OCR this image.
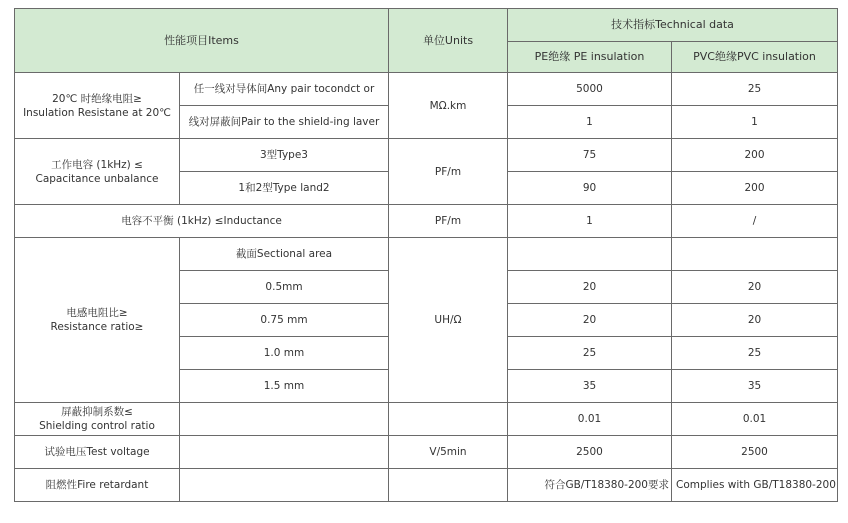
性能项目Items		单位Units	技术指标Technical data	
			PE绝缘 PE insulation	PVC绝缘PVC insulation

20℃ 时绝缘电阻≥
Insulation Resistane at 20℃	任一线对导体间Any pair tocondct or	MΩ.km	5000	25
	线对屏蔽间Pair to the shield-ing laver		1	1

工作电容 (1kHz) ≤
Capacitance unbalance	3型Type3	PF/m	75	200
	1和2型Type land2		90	200
电容不平衡 (1kHz) ≤Inductance		PF/m	1	/

电感电阻比≥
Resistance ratio≥	截面Sectional area	UH/Ω		
	0.5mm		20	20
	0.75 mm		20	20
	1.0 mm		25	25
	1.5 mm		35	35

屏蔽抑制系数≤
Shielding control ratio			0.01	0.01
试验电压Test voltage		V/5min	2500	2500
阻燃性Fire retardant			符合GB/T18380-200要求	Complies with GB/T18380-200
